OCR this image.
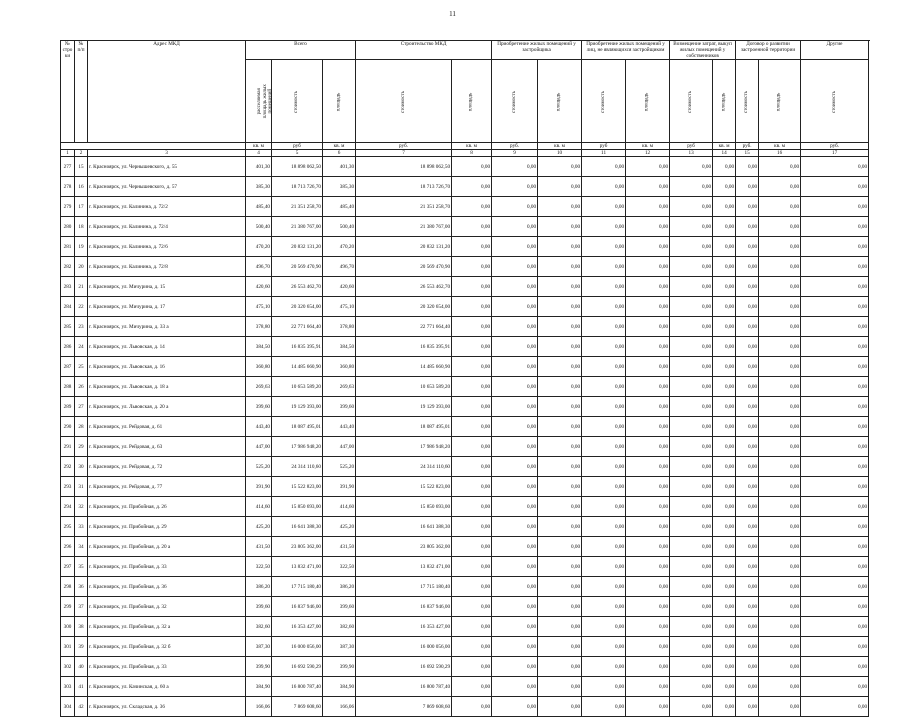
11
№ стро ки	№ п/п	Адрес МКД	Всего			Строительство МКД		Приобретение жилых помещений у застройщика		Приобретение жилых помещений у лиц, не являющихся застройщиком		Возмещение затрат, выкуп жилых помещений у собственников		Договор о развитии застроенной территории		Другие
			расселяемая площадь жилых помещений	стоимость	площадь	стоимость	площадь	стоимость	площадь	стоимость	площадь	стоимость	площадь	стоимость	площадь	стоимость
			кв. м	руб	кв. м	руб.	кв. м	руб.	кв. м	руб	кв. м	руб	кв. м	руб.	кв. м	руб.
1	2	3	4	5	6	7	8	9	10	11	12	13	14	15	16	17
277	15	г. Красноярск, ул. Чернышевского, д. 55	401,30	18 898 062,50	401,30	18 898 062,50	0,00	0,00	0,00	0,00	0,00	0,00	0,00	0,00	0,00	0,00
278	16	г. Красноярск, ул. Чернышевского, д. 57	385,30	18 713 726,70	385,30	18 713 726,70	0,00	0,00	0,00	0,00	0,00	0,00	0,00	0,00	0,00	0,00
279	17	г. Красноярск, ул. Калинина, д. 72/2	485,40	21 351 258,70	485,40	21 351 258,70	0,00	0,00	0,00	0,00	0,00	0,00	0,00	0,00	0,00	0,00
280	18	г. Красноярск, ул. Калинина, д. 72/4	500,40	21 380 767,00	500,40	21 380 767,00	0,00	0,00	0,00	0,00	0,00	0,00	0,00	0,00	0,00	0,00
281	19	г. Красноярск, ул. Калинина, д. 72/6	470,20	20 832 131,20	470,20	20 832 131,20	0,00	0,00	0,00	0,00	0,00	0,00	0,00	0,00	0,00	0,00
282	20	г. Красноярск, ул. Калинина, д. 72/8	496,70	20 569 470,90	496,70	20 569 470,90	0,00	0,00	0,00	0,00	0,00	0,00	0,00	0,00	0,00	0,00
283	21	г. Красноярск, ул. Мичурина, д. 15	420,60	26 553 462,70	420,60	26 553 462,70	0,00	0,00	0,00	0,00	0,00	0,00	0,00	0,00	0,00	0,00
284	22	г. Красноярск, ул. Мичурина, д. 17	475,10	20 320 654,00	475,10	20 320 654,00	0,00	0,00	0,00	0,00	0,00	0,00	0,00	0,00	0,00	0,00
285	23	г. Красноярск, ул. Мичурина, д. 33 а	378,80	22 771 664,40	378,80	22 771 664,40	0,00	0,00	0,00	0,00	0,00	0,00	0,00	0,00	0,00	0,00
286	24	г. Красноярск, ул. Львовская, д. 14	384,50	16 835 395,91	384,50	16 835 395,91	0,00	0,00	0,00	0,00	0,00	0,00	0,00	0,00	0,00	0,00
287	25	г. Красноярск, ул. Львовская, д. 16	360,80	14 485 660,90	360,80	14 485 660,90	0,00	0,00	0,00	0,00	0,00	0,00	0,00	0,00	0,00	0,00
288	26	г. Красноярск, ул. Львовская, д. 18 а	269,63	10 653 589,20	269,63	10 653 589,20	0,00	0,00	0,00	0,00	0,00	0,00	0,00	0,00	0,00	0,00
289	27	г. Красноярск, ул. Львовская, д. 20 а	399,60	19 129 393,00	399,60	19 129 393,00	0,00	0,00	0,00	0,00	0,00	0,00	0,00	0,00	0,00	0,00
290	28	г. Красноярск, ул. Рейдовая, д. 61	443,40	18 087 495,01	443,40	18 087 495,01	0,00	0,00	0,00	0,00	0,00	0,00	0,00	0,00	0,00	0,00
291	29	г. Красноярск, ул. Рейдовая, д. 63	447,00	17 986 948,20	447,00	17 986 948,20	0,00	0,00	0,00	0,00	0,00	0,00	0,00	0,00	0,00	0,00
292	30	г. Красноярск, ул. Рейдовая, д. 72	525,20	24 314 110,60	525,20	24 314 110,60	0,00	0,00	0,00	0,00	0,00	0,00	0,00	0,00	0,00	0,00
293	31	г. Красноярск, ул. Рейдовая, д. 77	391,90	15 522 823,00	391,90	15 522 823,00	0,00	0,00	0,00	0,00	0,00	0,00	0,00	0,00	0,00	0,00
294	32	г. Красноярск, ул. Прибойная, д. 26	414,60	15 850 693,00	414,60	15 850 693,00	0,00	0,00	0,00	0,00	0,00	0,00	0,00	0,00	0,00	0,00
295	33	г. Красноярск, ул. Прибойная, д. 29	425,20	16 641 388,30	425,20	16 641 388,30	0,00	0,00	0,00	0,00	0,00	0,00	0,00	0,00	0,00	0,00
296	34	г. Красноярск, ул. Прибойная, д. 20 а	431,50	23 805 362,00	431,50	23 805 362,00	0,00	0,00	0,00	0,00	0,00	0,00	0,00	0,00	0,00	0,00
297	35	г. Красноярск, ул. Прибойная, д. 33	322,50	13 832 471,00	322,50	13 832 471,00	0,00	0,00	0,00	0,00	0,00	0,00	0,00	0,00	0,00	0,00
298	36	г. Красноярск, ул. Прибойная, д. 36	386,20	17 715 180,40	386,20	17 715 180,40	0,00	0,00	0,00	0,00	0,00	0,00	0,00	0,00	0,00	0,00
299	37	г. Красноярск, ул. Прибойная, д. 32	399,60	16 837 946,00	399,60	16 837 946,00	0,00	0,00	0,00	0,00	0,00	0,00	0,00	0,00	0,00	0,00
300	38	г. Красноярск, ул. Прибойная, д. 32 а	382,60	16 353 427,00	382,60	16 353 427,00	0,00	0,00	0,00	0,00	0,00	0,00	0,00	0,00	0,00	0,00
301	39	г. Красноярск, ул. Прибойная, д. 32 б	387,30	16 000 056,00	387,30	16 000 056,00	0,00	0,00	0,00	0,00	0,00	0,00	0,00	0,00	0,00	0,00
302	40	г. Красноярск, ул. Прибойная, д. 33	399,90	16 692 590,29	399,90	16 692 590,29	0,00	0,00	0,00	0,00	0,00	0,00	0,00	0,00	0,00	0,00
303	41	г. Красноярск, ул. Качинская, д. 60 а	384,90	16 800 787,40	384,90	16 800 787,40	0,00	0,00	0,00	0,00	0,00	0,00	0,00	0,00	0,00	0,00
304	42	г. Красноярск, ул. Складская, д. 36	166,06	7 869 608,60	166,06	7 869 608,60	0,00	0,00	0,00	0,00	0,00	0,00	0,00	0,00	0,00	0,00
